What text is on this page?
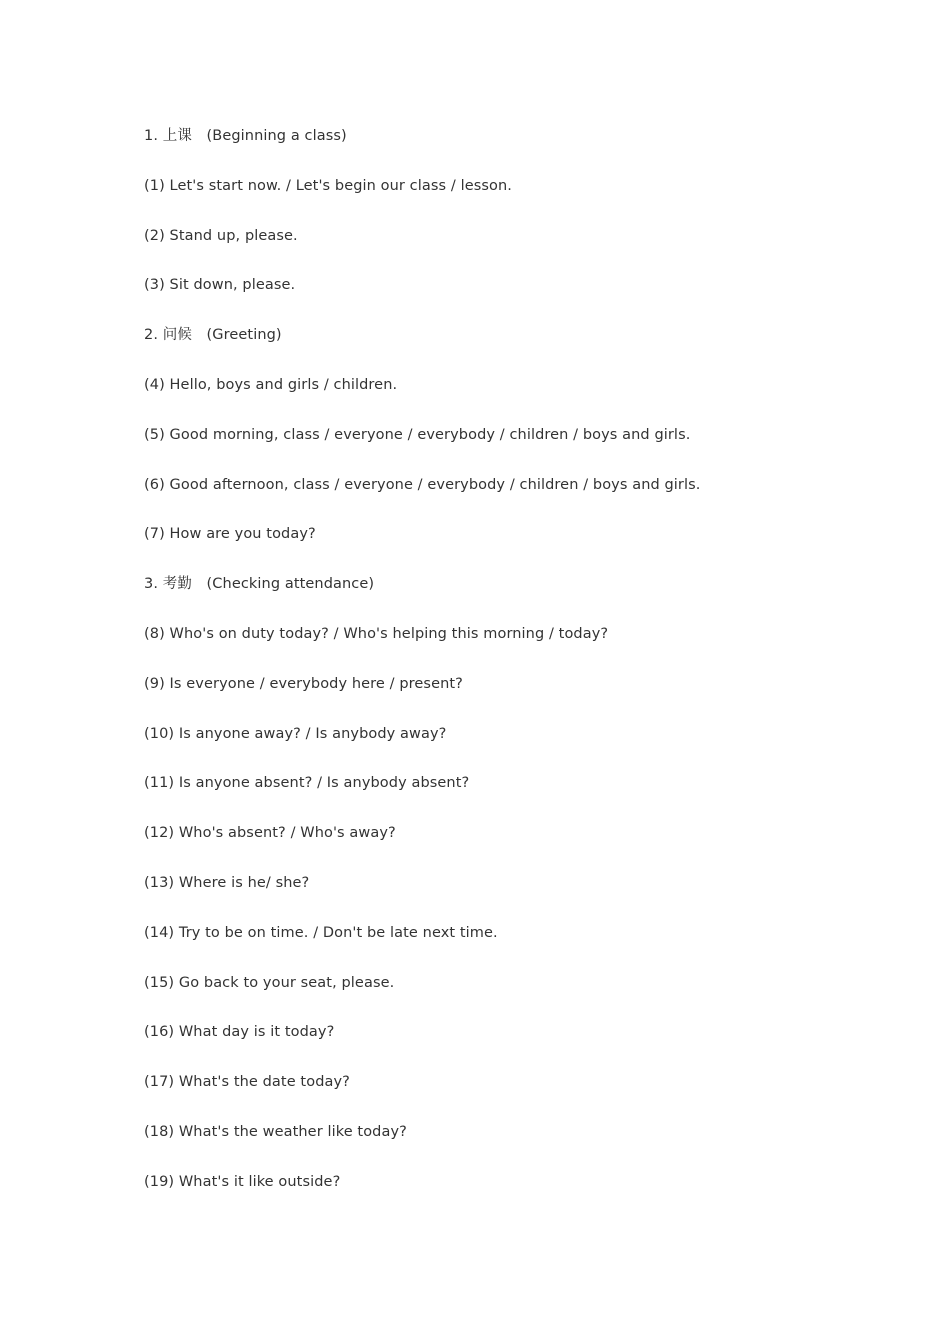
1. 上课　(Beginning a class)
(1) Let's start now. / Let's begin our class / lesson.
(2) Stand up, please.
(3) Sit down, please.
2. 问候　(Greeting)
(4) Hello, boys and girls / children.
(5) Good morning, class / everyone / everybody / children / boys and girls.
(6) Good afternoon, class / everyone / everybody / children / boys and girls.
(7) How are you today?
3. 考勤　(Checking attendance)
(8) Who's on duty today? / Who's helping this morning / today?
(9) Is everyone / everybody here / present?
(10) Is anyone away? / Is anybody away?
(11) Is anyone absent? / Is anybody absent?
(12) Who's absent? / Who's away?
(13) Where is he/ she?
(14) Try to be on time. / Don't be late next time.
(15) Go back to your seat, please.
(16) What day is it today?
(17) What's the date today?
(18) What's the weather like today?
(19) What's it like outside?
